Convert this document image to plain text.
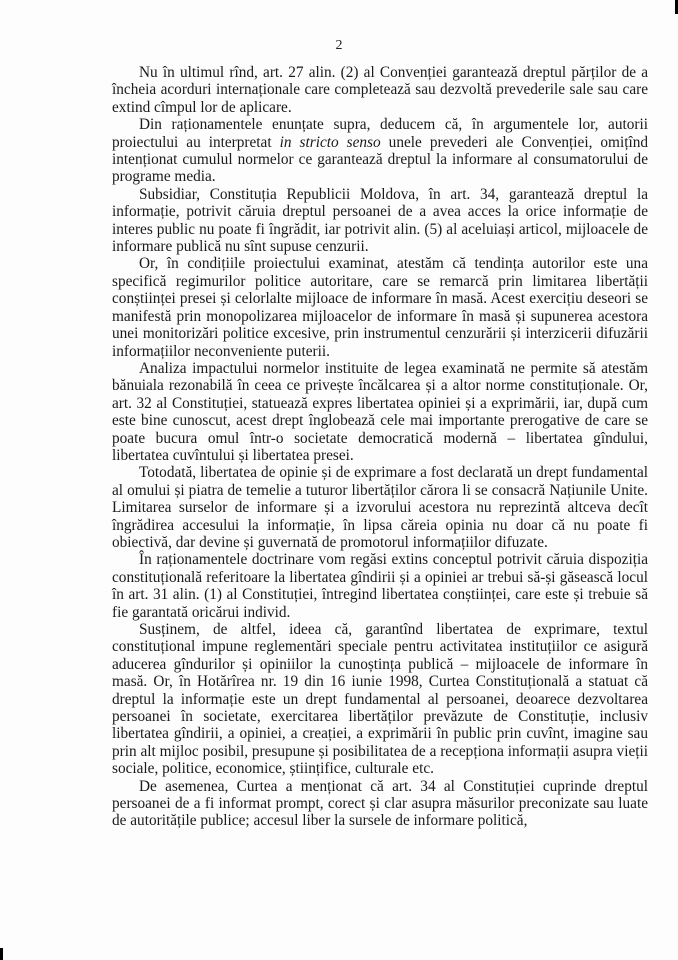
2

Nu în ultimul rînd, art. 27 alin. (2) al Convenției garantează dreptul părților de a încheia acorduri internaționale care completează sau dezvoltă prevederile sale sau care extind cîmpul lor de aplicare.

Din raționamentele enunțate supra, deducem că, în argumentele lor, autorii proiectului au interpretat in stricto senso unele prevederi ale Convenției, omițînd intenționat cumulul normelor ce garantează dreptul la informare al consumatorului de programe media.

Subsidiar, Constituția Republicii Moldova, în art. 34, garantează dreptul la informație, potrivit căruia dreptul persoanei de a avea acces la orice informație de interes public nu poate fi îngrădit, iar potrivit alin. (5) al aceluiași articol, mijloacele de informare publică nu sînt supuse cenzurii.

Or, în condițiile proiectului examinat, atestăm că tendința autorilor este una specifică regimurilor politice autoritare, care se remarcă prin limitarea libertății conștiinței presei și celorlalte mijloace de informare în masă. Acest exercițiu deseori se manifestă prin monopolizarea mijloacelor de informare în masă și supunerea acestora unei monitorizări politice excesive, prin instrumentul cenzurării și interzicerii difuzării informațiilor neconveniente puterii.

Analiza impactului normelor instituite de legea examinată ne permite să atestăm bănuiala rezonabilă în ceea ce privește încălcarea și a altor norme constituționale. Or, art. 32 al Constituției, statuează expres libertatea opiniei și a exprimării, iar, după cum este bine cunoscut, acest drept înglobează cele mai importante prerogative de care se poate bucura omul într-o societate democratică modernă – libertatea gîndului, libertatea cuvîntului și libertatea presei.

Totodată, libertatea de opinie și de exprimare a fost declarată un drept fundamental al omului și piatra de temelie a tuturor libertăților cărora li se consacră Națiunile Unite. Limitarea surselor de informare și a izvorului acestora nu reprezintă altceva decît îngrădirea accesului la informație, în lipsa căreia opinia nu doar că nu poate fi obiectivă, dar devine și guvernată de promotorul informațiilor difuzate.

În raționamentele doctrinare vom regăsi extins conceptul potrivit căruia dispoziția constituțională referitoare la libertatea gîndirii și a opiniei ar trebui să-și găsească locul în art. 31 alin. (1) al Constituției, întregind libertatea conștiinței, care este și trebuie să fie garantată oricărui individ.

Susținem, de altfel, ideea că, garantînd libertatea de exprimare, textul constituțional impune reglementări speciale pentru activitatea instituțiilor ce asigură aducerea gîndurilor și opiniilor la cunoștința publică – mijloacele de informare în masă. Or, în Hotărîrea nr. 19 din 16 iunie 1998, Curtea Constituțională a statuat că dreptul la informație este un drept fundamental al persoanei, deoarece dezvoltarea persoanei în societate, exercitarea libertăților prevăzute de Constituție, inclusiv libertatea gîndirii, a opiniei, a creației, a exprimării în public prin cuvînt, imagine sau prin alt mijloc posibil, presupune și posibilitatea de a recepționa informații asupra vieții sociale, politice, economice, științifice, culturale etc.

De asemenea, Curtea a menționat că art. 34 al Constituției cuprinde dreptul persoanei de a fi informat prompt, corect și clar asupra măsurilor preconizate sau luate de autoritățile publice; accesul liber la sursele de informare politică,
